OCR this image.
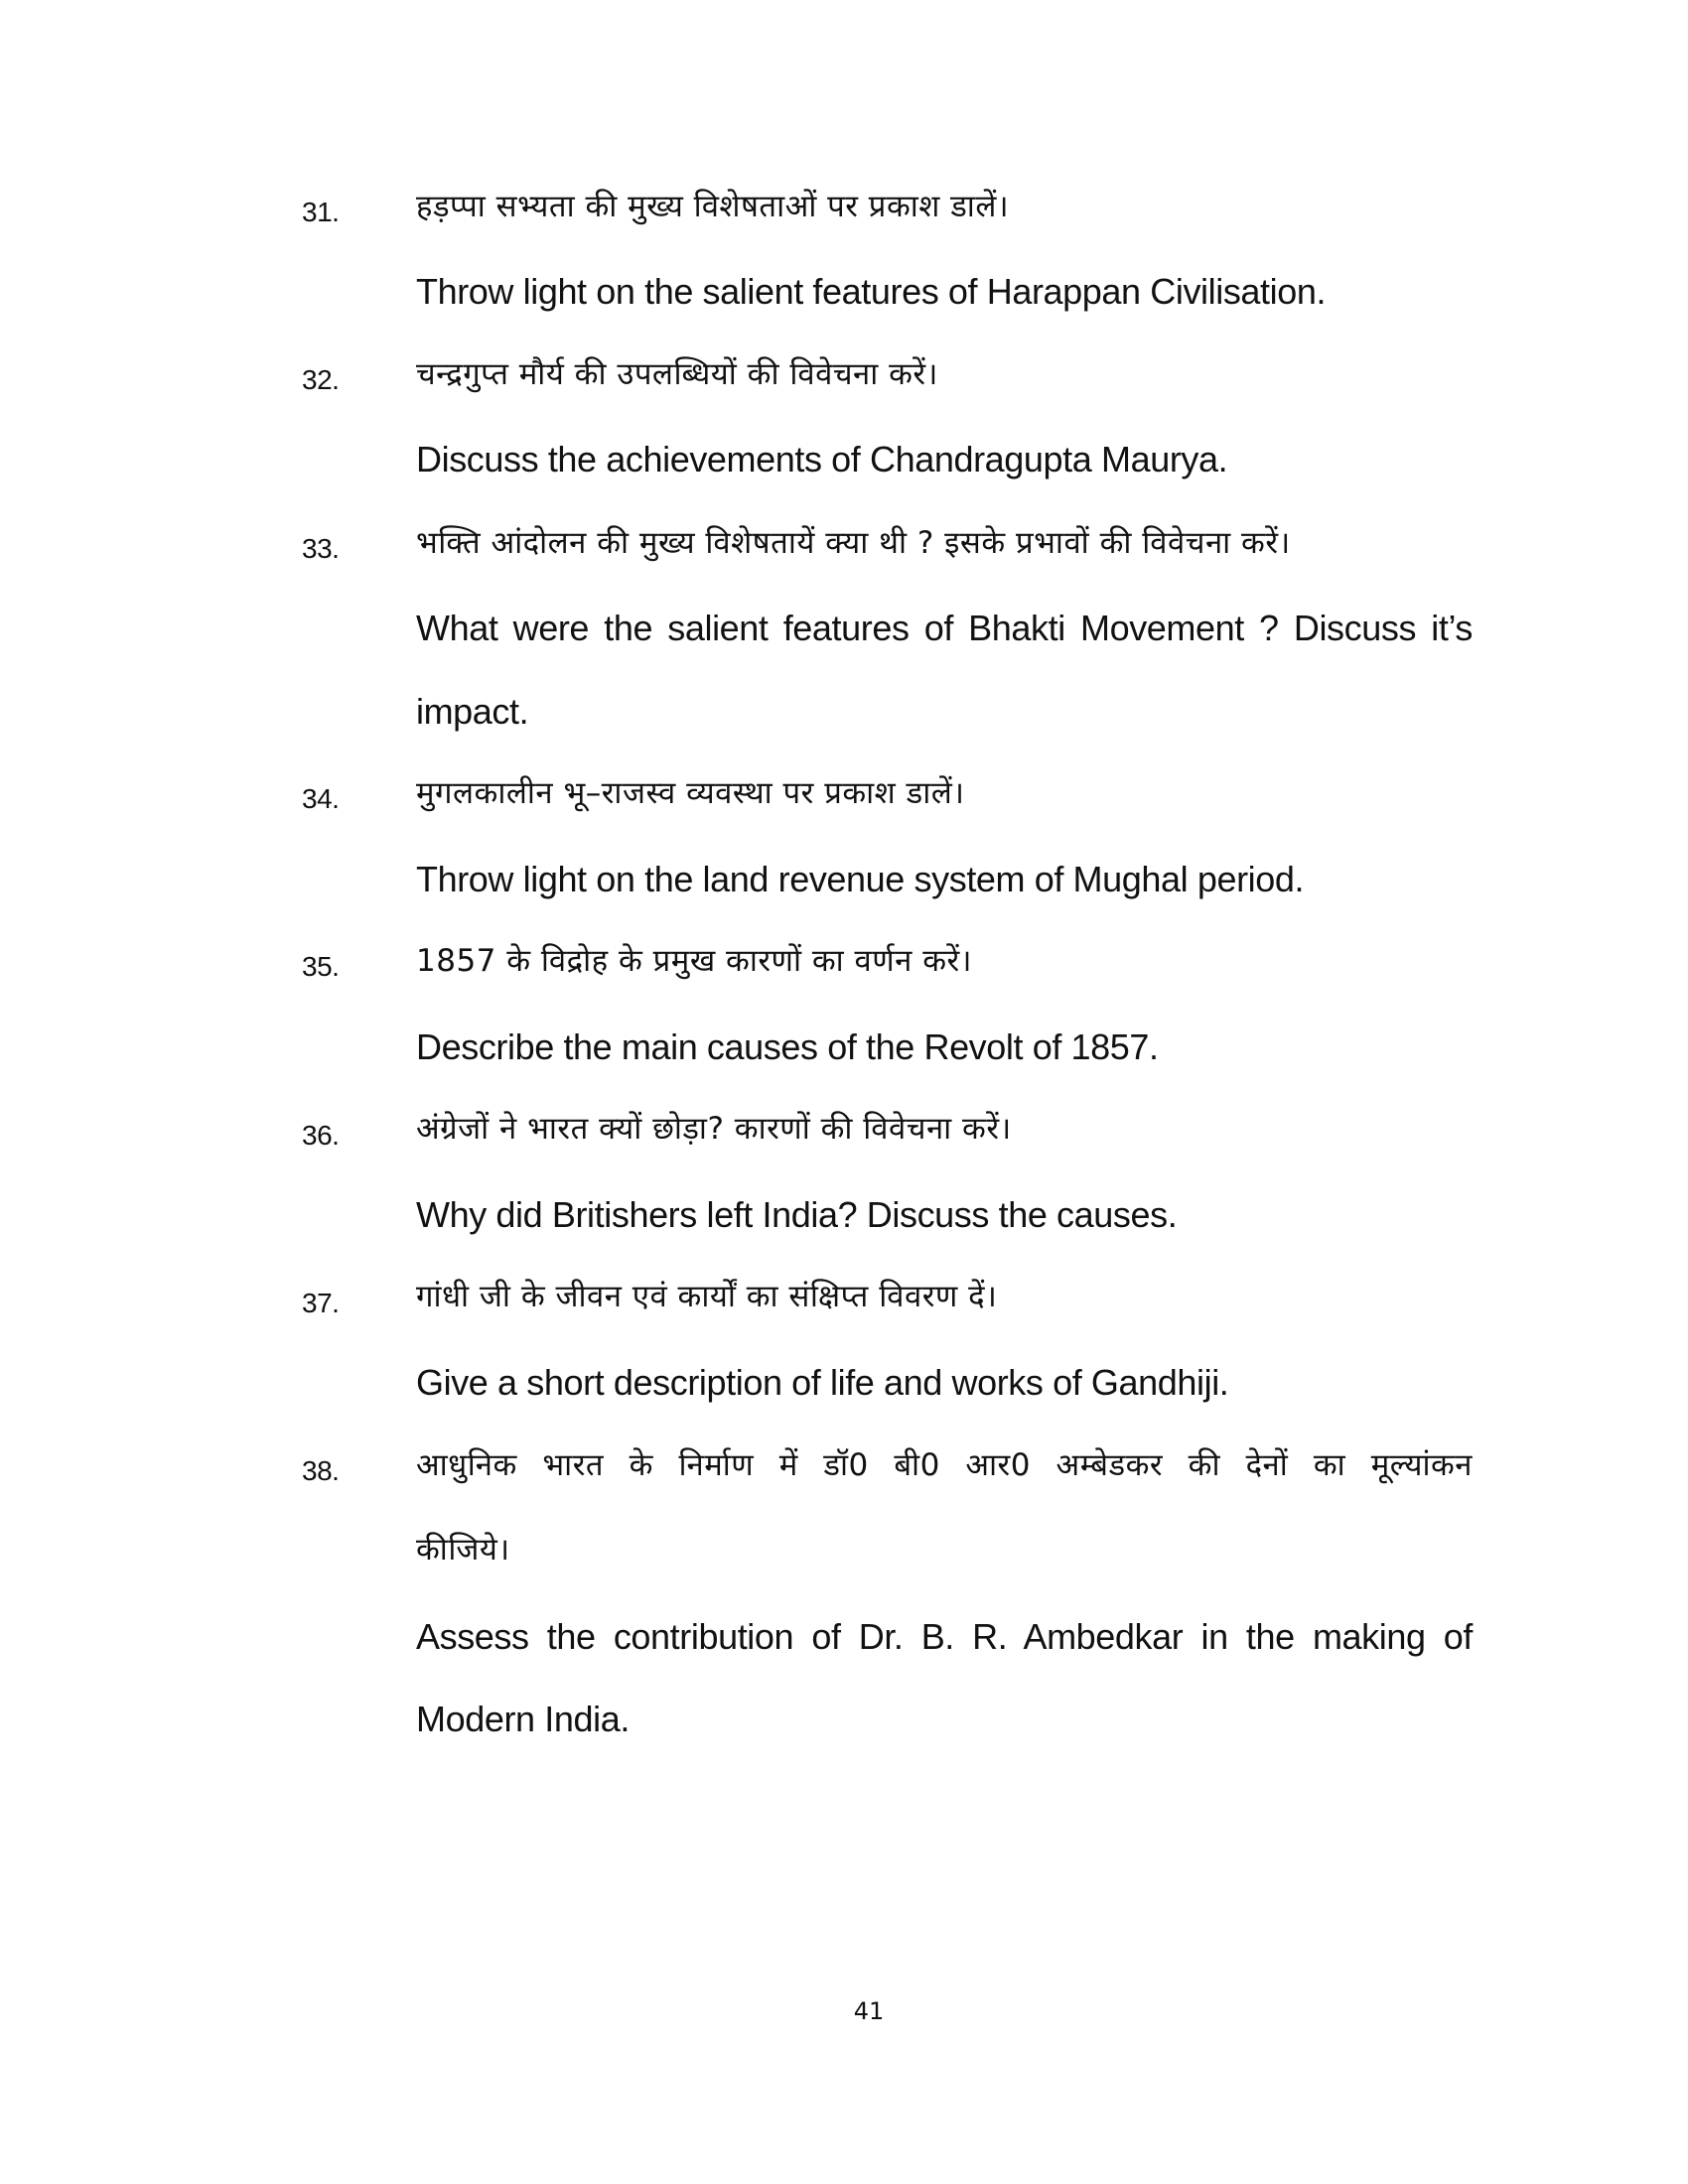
31.	हड़प्पा सभ्यता की मुख्य विशेषताओं पर प्रकाश डालें।
Throw light on the salient features of Harappan Civilisation.
32.	चन्द्रगुप्त मौर्य की उपलब्धियों की विवेचना करें।
Discuss the achievements of Chandragupta Maurya.
33.	भक्ति आंदोलन की मुख्य विशेषतायें क्या थी ? इसके प्रभावों की विवेचना करें।
What were the salient features of Bhakti Movement ? Discuss it’s
impact.
34.	मुगलकालीन भू–राजस्व व्यवस्था पर प्रकाश डालें।
Throw light on the land revenue system of Mughal period.
35.	1857 के विद्रोह के प्रमुख कारणों का वर्णन करें।
Describe the main causes of the Revolt of 1857.
36.	अंग्रेजों ने भारत क्यों छोड़ा? कारणों की विवेचना करें।
Why did Britishers left India? Discuss the causes.
37.	गांधी जी के जीवन एवं कार्यों का संक्षिप्त विवरण दें।
Give a short description of life and works of Gandhiji.
38.	आधुनिक भारत के निर्माण में डॉ0 बी0 आर0 अम्बेडकर की देनों का मूल्यांकन
कीजिये।
Assess the contribution of Dr. B. R. Ambedkar in the making of
Modern India.
41
